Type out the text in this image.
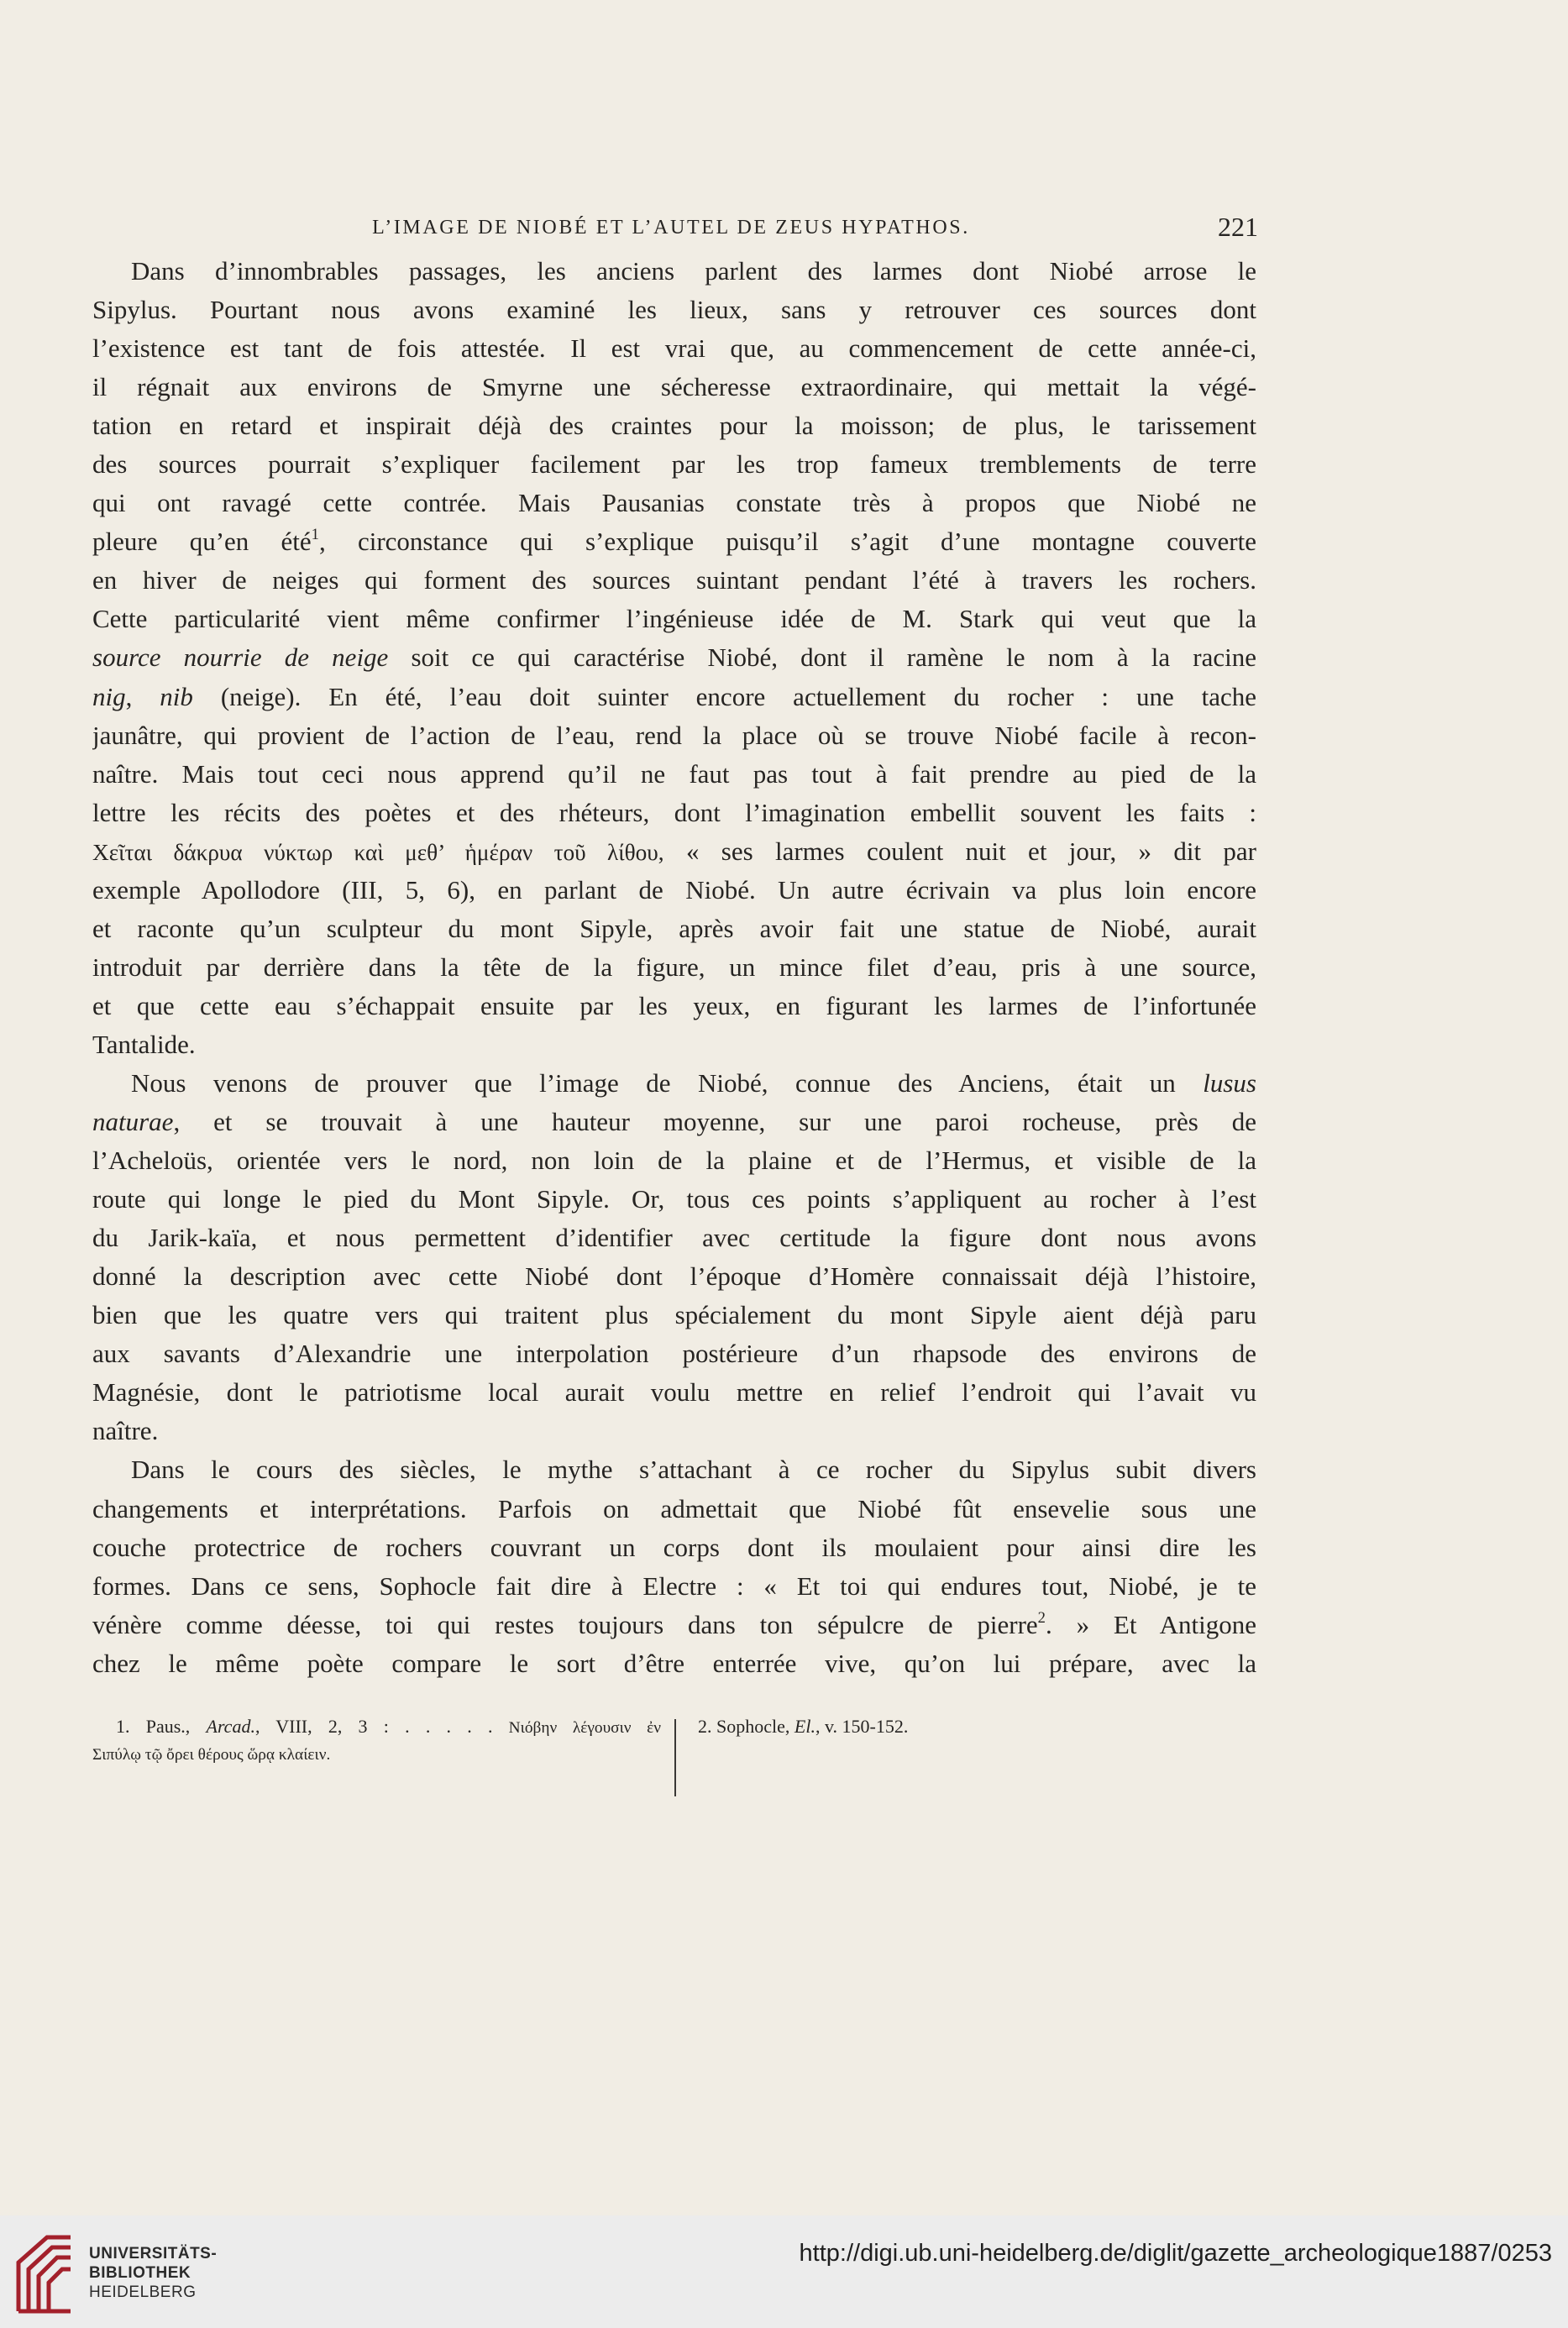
L’IMAGE DE NIOBÉ ET L’AUTEL DE ZEUS HYPATHOS.	221
Dans d’innombrables passages, les anciens parlent des larmes dont Niobé arrose le
Sipylus. Pourtant nous avons examiné les lieux, sans y retrouver ces sources dont
l’existence est tant de fois attestée. Il est vrai que, au commencement de cette année-ci,
il régnait aux environs de Smyrne une sécheresse extraordinaire, qui mettait la végé-
tation en retard et inspirait déjà des craintes pour la moisson; de plus, le tarissement
des sources pourrait s’expliquer facilement par les trop fameux tremblements de terre
qui ont ravagé cette contrée. Mais Pausanias constate très à propos que Niobé ne
pleure qu’en été$^1$, circonstance qui s’explique puisqu’il s’agit d’une montagne couverte
en hiver de neiges qui forment des sources suintant pendant l’été à travers les rochers.
Cette particularité vient même confirmer l’ingénieuse idée de M. Stark qui veut que la
source nourrie de neige soit ce qui caractérise Niobé, dont il ramène le nom à la racine
nig, nib (neige). En été, l’eau doit suinter encore actuellement du rocher : une tache
jaunâtre, qui provient de l’action de l’eau, rend la place où se trouve Niobé facile à recon-
naître. Mais tout ceci nous apprend qu’il ne faut pas tout à fait prendre au pied de la
lettre les récits des poètes et des rhéteurs, dont l’imagination embellit souvent les faits :
Χεῖται δάκρυα νύκτωρ καὶ μεθ’ ἡμέραν τοῦ λίθου, « ses larmes coulent nuit et jour, » dit par
exemple Apollodore (III, 5, 6), en parlant de Niobé. Un autre écrivain va plus loin encore
et raconte qu’un sculpteur du mont Sipyle, après avoir fait une statue de Niobé, aurait
introduit par derrière dans la tête de la figure, un mince filet d’eau, pris à une source,
et que cette eau s’échappait ensuite par les yeux, en figurant les larmes de l’infortunée
Tantalide.
Nous venons de prouver que l’image de Niobé, connue des Anciens, était un lusus
naturae, et se trouvait à une hauteur moyenne, sur une paroi rocheuse, près de
l’Acheloüs, orientée vers le nord, non loin de la plaine et de l’Hermus, et visible de la
route qui longe le pied du Mont Sipyle. Or, tous ces points s’appliquent au rocher à l’est
du Jarik-kaïa, et nous permettent d’identifier avec certitude la figure dont nous avons
donné la description avec cette Niobé dont l’époque d’Homère connaissait déjà l’histoire,
bien que les quatre vers qui traitent plus spécialement du mont Sipyle aient déjà paru
aux savants d’Alexandrie une interpolation postérieure d’un rhapsode des environs de
Magnésie, dont le patriotisme local aurait voulu mettre en relief l’endroit qui l’avait vu
naître.
Dans le cours des siècles, le mythe s’attachant à ce rocher du Sipylus subit divers
changements et interprétations. Parfois on admettait que Niobé fût ensevelie sous une
couche protectrice de rochers couvrant un corps dont ils moulaient pour ainsi dire les
formes. Dans ce sens, Sophocle fait dire à Electre : « Et toi qui endures tout, Niobé, je te
vénère comme déesse, toi qui restes toujours dans ton sépulcre de pierre$^2$. » Et Antigone
chez le même poète compare le sort d’être enterrée vive, qu’on lui prépare, avec la
1. Paus., Arcad., VIII, 2, 3 : . . . . . Νιόβην λέγουσιν ἐν
Σιπύλῳ τῷ ὄρει θέρους ὥρᾳ κλαίειν.
2. Sophocle, El., v. 150-152.
UNIVERSITÄTS-
BIBLIOTHEK
HEIDELBERG
http://digi.ub.uni-heidelberg.de/diglit/gazette_archeologique1887/0253
